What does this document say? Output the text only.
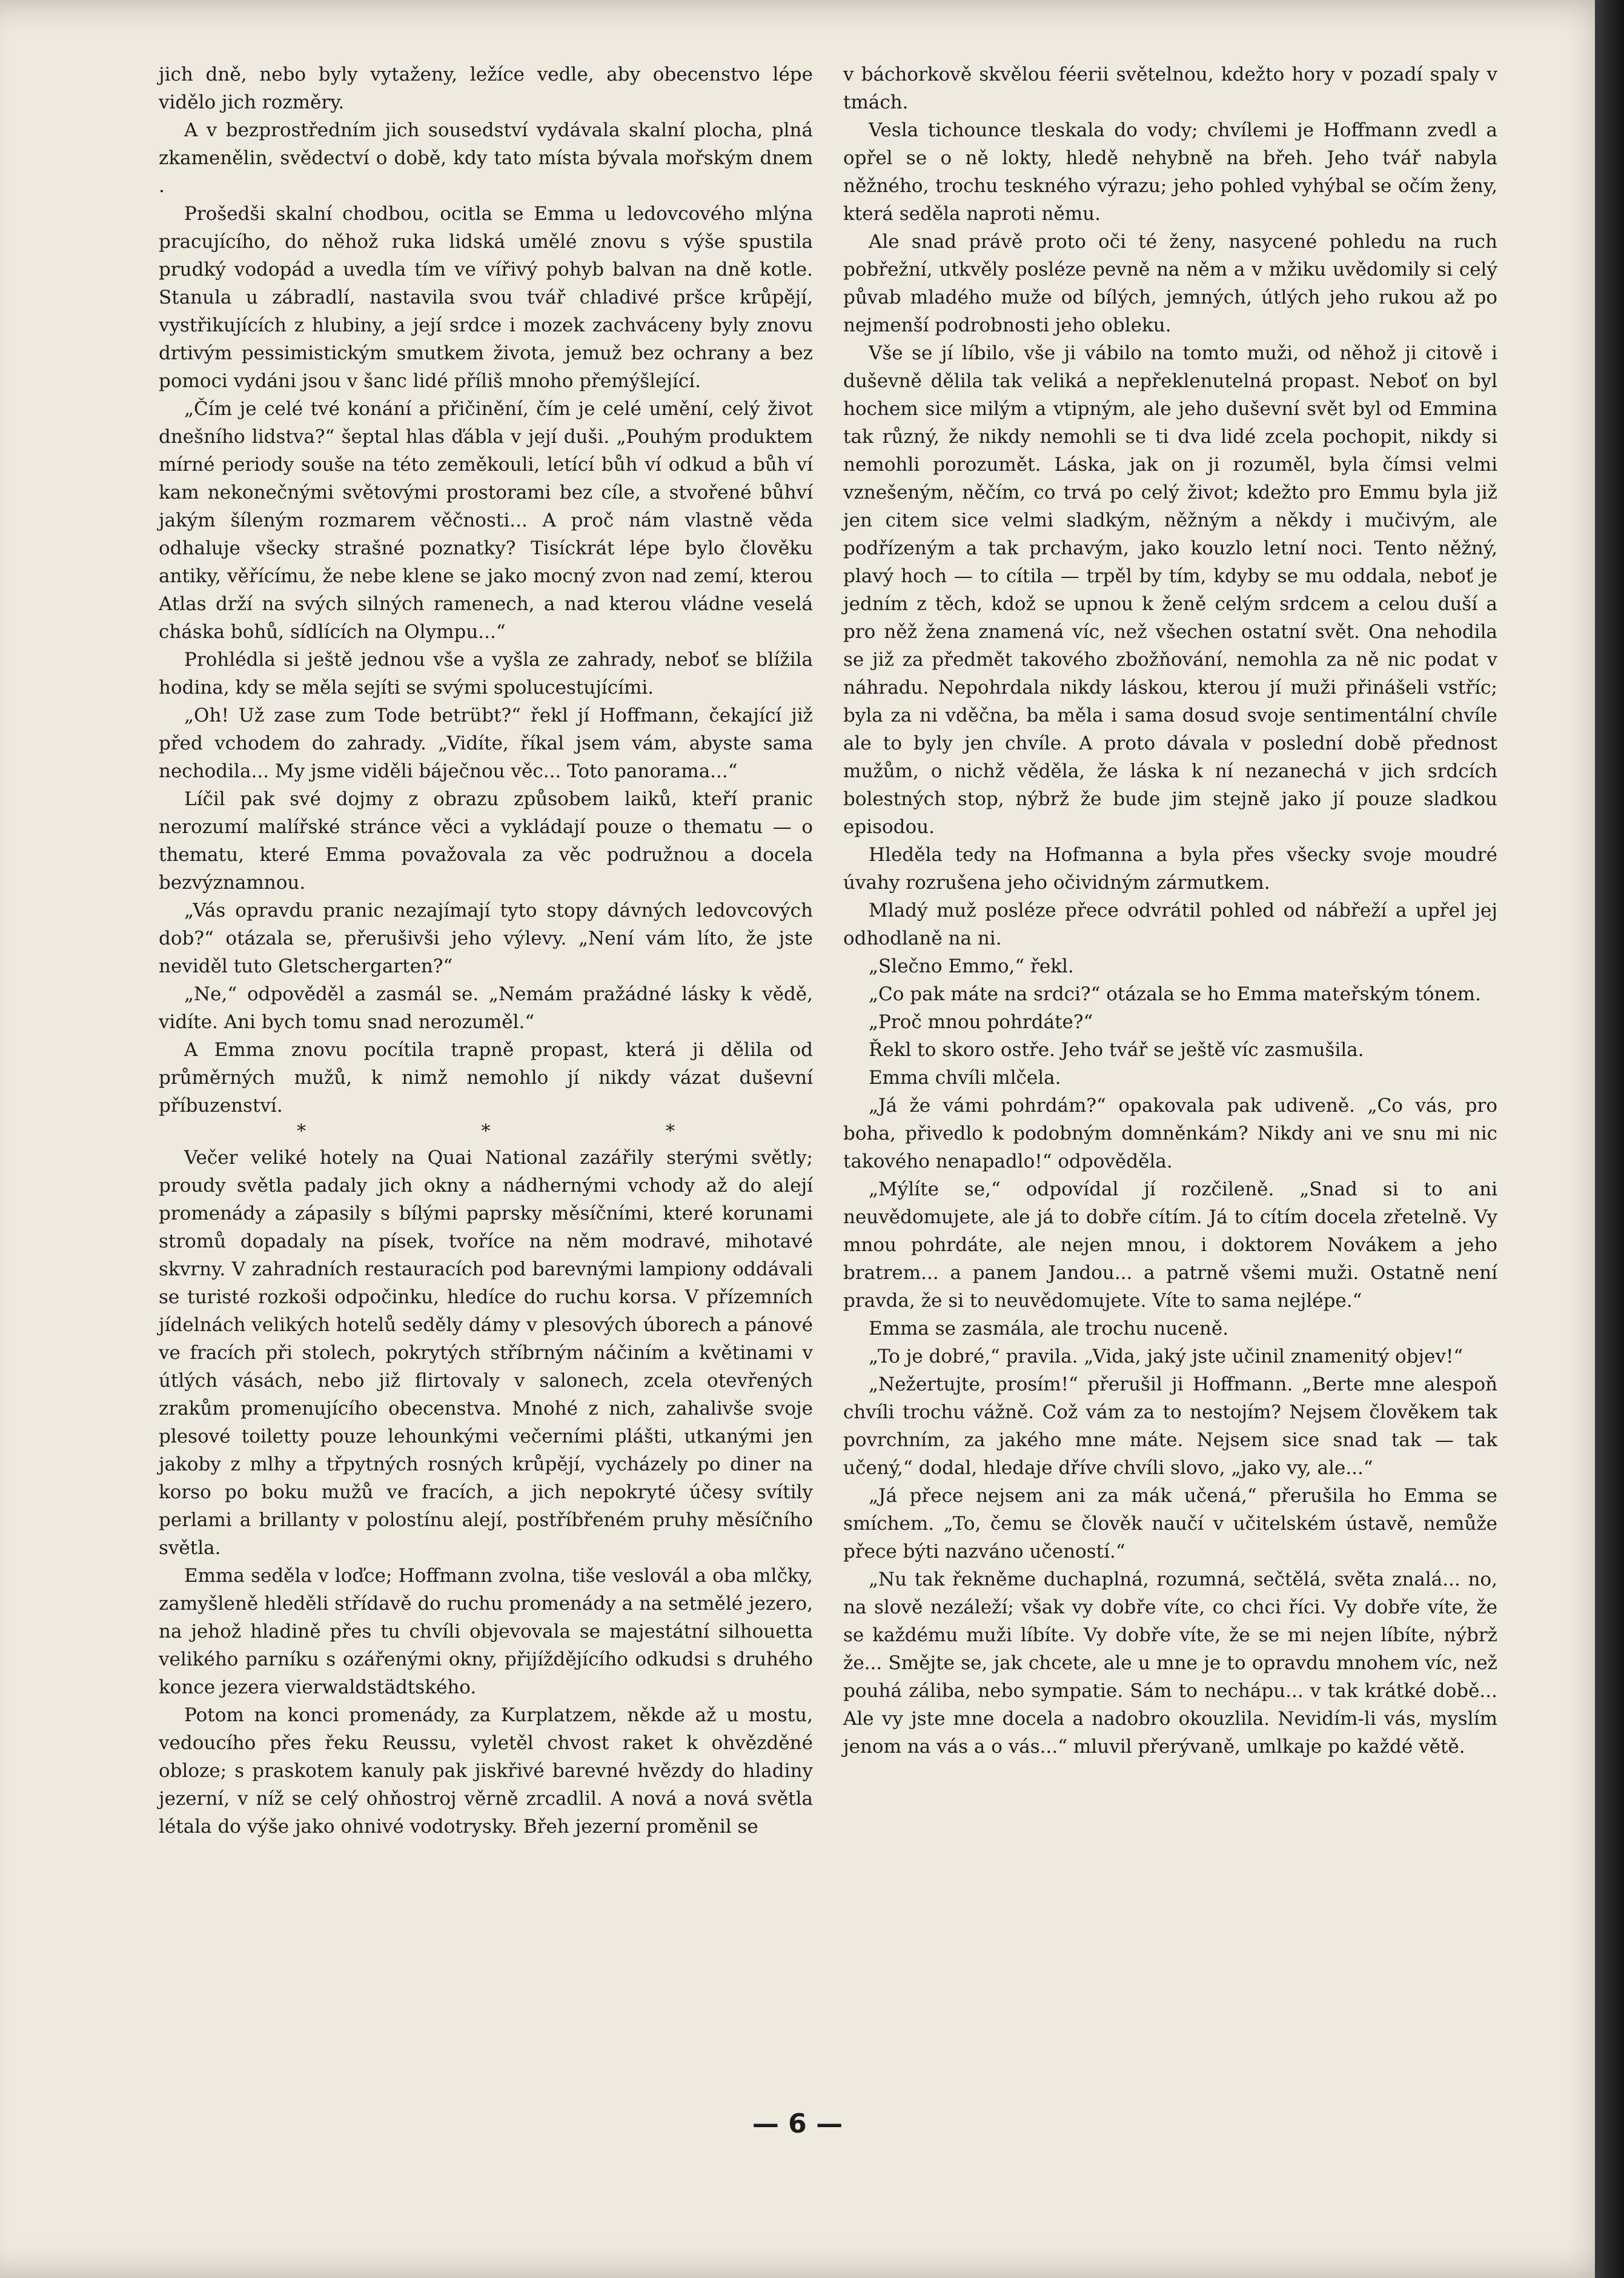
jich dně, nebo byly vytaženy, ležíce vedle, aby obecenstvo lépe vidělo jich rozměry.

A v bezprostředním jich sousedství vydávala skalní plocha, plná zkamenělin, svědectví o době, kdy tato místa bývala mořským dnem .

Prošedši skalní chodbou, ocitla se Emma u ledovcového mlýna pracujícího, do něhož ruka lidská umělé znovu s výše spustila prudký vodopád a uvedla tím ve vířivý pohyb balvan na dně kotle. Stanula u zábradlí, nastavila svou tvář chladivé pršce krůpějí, vystřikujících z hlubiny, a její srdce i mozek zachváceny byly znovu drtivým pessimistickým smutkem života, jemuž bez ochrany a bez pomoci vydáni jsou v šanc lidé příliš mnoho přemýšlející.

„Čím je celé tvé konání a přičinění, čím je celé umění, celý život dnešního lidstva?“ šeptal hlas ďábla v její duši. „Pouhým produktem mírné periody souše na této zeměkouli, letící bůh ví odkud a bůh ví kam nekonečnými světovými prostorami bez cíle, a stvořené bůhví jakým šíleným rozmarem věčnosti... A proč nám vlastně věda odhaluje všecky strašné poznatky? Tisíckrát lépe bylo člověku antiky, věřícímu, že nebe klene se jako mocný zvon nad zemí, kterou Atlas drží na svých silných ramenech, a nad kterou vládne veselá cháska bohů, sídlících na Olympu...“

Prohlédla si ještě jednou vše a vyšla ze zahrady, neboť se blížila hodina, kdy se měla sejíti se svými spolucestujícími.

„Oh! Už zase zum Tode betrübt?“ řekl jí Hoffmann, čekající již před vchodem do zahrady. „Vidíte, říkal jsem vám, abyste sama nechodila... My jsme viděli báječnou věc... Toto panorama...“

Líčil pak své dojmy z obrazu způsobem laiků, kteří pranic nerozumí malířské stránce věci a vykládají pouze o thematu — o thematu, které Emma považovala za věc podružnou a docela bezvýznamnou.

„Vás opravdu pranic nezajímají tyto stopy dávných ledovcových dob?“ otázala se, přerušivši jeho výlevy. „Není vám líto, že jste neviděl tuto Gletschergarten?“

„Ne,“ odpověděl a zasmál se. „Nemám pražádné lásky k vědě, vidíte. Ani bych tomu snad nerozuměl.“

A Emma znovu pocítila trapně propast, která ji dělila od průměrných mužů, k nimž nemohlo jí nikdy vázat duševní příbuzenství.

* * *

Večer veliké hotely na Quai National zazářily sterými světly; proudy světla padaly jich okny a nádhernými vchody až do alejí promenády a zápasily s bílými paprsky měsíčními, které korunami stromů dopadaly na písek, tvoříce na něm modravé, mihotavé skvrny. V zahradních restauracích pod barevnými lampiony oddávali se turisté rozkoši odpočinku, hledíce do ruchu korsa. V přízemních jídelnách velikých hotelů seděly dámy v plesových úborech a pánové ve fracích při stolech, pokrytých stříbrným náčiním a květinami v útlých vásách, nebo již flirtovaly v salonech, zcela otevřených zrakům promenujícího obecenstva. Mnohé z nich, zahalivše svoje plesové toiletty pouze lehounkými večerními plášti, utkanými jen jakoby z mlhy a třpytných rosných krůpějí, vycházely po diner na korso po boku mužů ve fracích, a jich nepokryté účesy svítily perlami a brillanty v polostínu alejí, postříbřeném pruhy měsíčního světla.

Emma seděla v loďce; Hoffmann zvolna, tiše veslovál a oba mlčky, zamyšleně hleděli střídavě do ruchu promenády a na setmělé jezero, na jehož hladině přes tu chvíli objevovala se majestátní silhouetta velikého parníku s ozářenými okny, přijíždějícího odkudsi s druhého konce jezera vierwaldstädtského.

Potom na konci promenády, za Kurplatzem, někde až u mostu, vedoucího přes řeku Reussu, vyletěl chvost raket k ohvězděné obloze; s praskotem kanuly pak jiskřivé barevné hvězdy do hladiny jezerní, v níž se celý ohňostroj věrně zrcadlil. A nová a nová světla létala do výše jako ohnivé vodotrysky. Břeh jezerní proměnil se

v báchorkově skvělou féerii světelnou, kdežto hory v pozadí spaly v tmách.

Vesla tichounce tleskala do vody; chvílemi je Hoffmann zvedl a opřel se o ně lokty, hledě nehybně na břeh. Jeho tvář nabyla něžného, trochu teskného výrazu; jeho pohled vyhýbal se očím ženy, která seděla naproti němu.

Ale snad právě proto oči té ženy, nasycené pohledu na ruch pobřežní, utkvěly posléze pevně na něm a v mžiku uvědomily si celý půvab mladého muže od bílých, jemných, útlých jeho rukou až po nejmenší podrobnosti jeho obleku.

Vše se jí líbilo, vše ji vábilo na tomto muži, od něhož ji citově i duševně dělila tak veliká a nepřeklenutelná propast. Neboť on byl hochem sice milým a vtipným, ale jeho duševní svět byl od Emmina tak různý, že nikdy nemohli se ti dva lidé zcela pochopit, nikdy si nemohli porozumět. Láska, jak on ji rozuměl, byla čímsi velmi vznešeným, něčím, co trvá po celý život; kdežto pro Emmu byla již jen citem sice velmi sladkým, něžným a někdy i mučivým, ale podřízeným a tak prchavým, jako kouzlo letní noci. Tento něžný, plavý hoch — to cítila — trpěl by tím, kdyby se mu oddala, neboť je jedním z těch, kdož se upnou k ženě celým srdcem a celou duší a pro něž žena znamená víc, než všechen ostatní svět. Ona nehodila se již za předmět takového zbožňování, nemohla za ně nic podat v náhradu. Nepohrdala nikdy láskou, kterou jí muži přinášeli vstříc; byla za ni vděčna, ba měla i sama dosud svoje sentimentální chvíle ale to byly jen chvíle. A proto dávala v poslední době přednost mužům, o nichž věděla, že láska k ní nezanechá v jich srdcích bolestných stop, nýbrž že bude jim stejně jako jí pouze sladkou episodou.

Hleděla tedy na Hofmanna a byla přes všecky svoje moudré úvahy rozrušena jeho očividným zármutkem.

Mladý muž posléze přece odvrátil pohled od nábřeží a upřel jej odhodlaně na ni.

„Slečno Emmo,“ řekl.

„Co pak máte na srdci?“ otázala se ho Emma mateřským tónem.

„Proč mnou pohrdáte?“

Řekl to skoro ostře. Jeho tvář se ještě víc zasmušila.

Emma chvíli mlčela.

„Já že vámi pohrdám?“ opakovala pak udiveně. „Co vás, pro boha, přivedlo k podobným domněnkám? Nikdy ani ve snu mi nic takového nenapadlo!“ odpověděla.

„Mýlíte se,“ odpovídal jí rozčileně. „Snad si to ani neuvědomujete, ale já to dobře cítím. Já to cítím docela zřetelně. Vy mnou pohrdáte, ale nejen mnou, i doktorem Novákem a jeho bratrem... a panem Jandou... a patrně všemi muži. Ostatně není pravda, že si to neuvědomujete. Víte to sama nejlépe.“

Emma se zasmála, ale trochu nuceně.

„To je dobré,“ pravila. „Vida, jaký jste učinil znamenitý objev!“

„Nežertujte, prosím!“ přerušil ji Hoffmann. „Berte mne alespoň chvíli trochu vážně. Což vám za to nestojím? Nejsem člověkem tak povrchním, za jakého mne máte. Nejsem sice snad tak — tak učený,“ dodal, hledaje dříve chvíli slovo, „jako vy, ale...“

„Já přece nejsem ani za mák učená,“ přerušila ho Emma se smíchem. „To, čemu se člověk naučí v učitelském ústavě, nemůže přece býti nazváno učeností.“

„Nu tak řekněme duchaplná, rozumná, sečtělá, světa znalá... no, na slově nezáleží; však vy dobře víte, co chci říci. Vy dobře víte, že se každému muži líbíte. Vy dobře víte, že se mi nejen líbíte, nýbrž že... Smějte se, jak chcete, ale u mne je to opravdu mnohem víc, než pouhá záliba, nebo sympatie. Sám to nechápu... v tak krátké době... Ale vy jste mne docela a nadobro okouzlila. Nevidím-li vás, myslím jenom na vás a o vás...“ mluvil přerývaně, umlkaje po každé větě.

— 6 —
